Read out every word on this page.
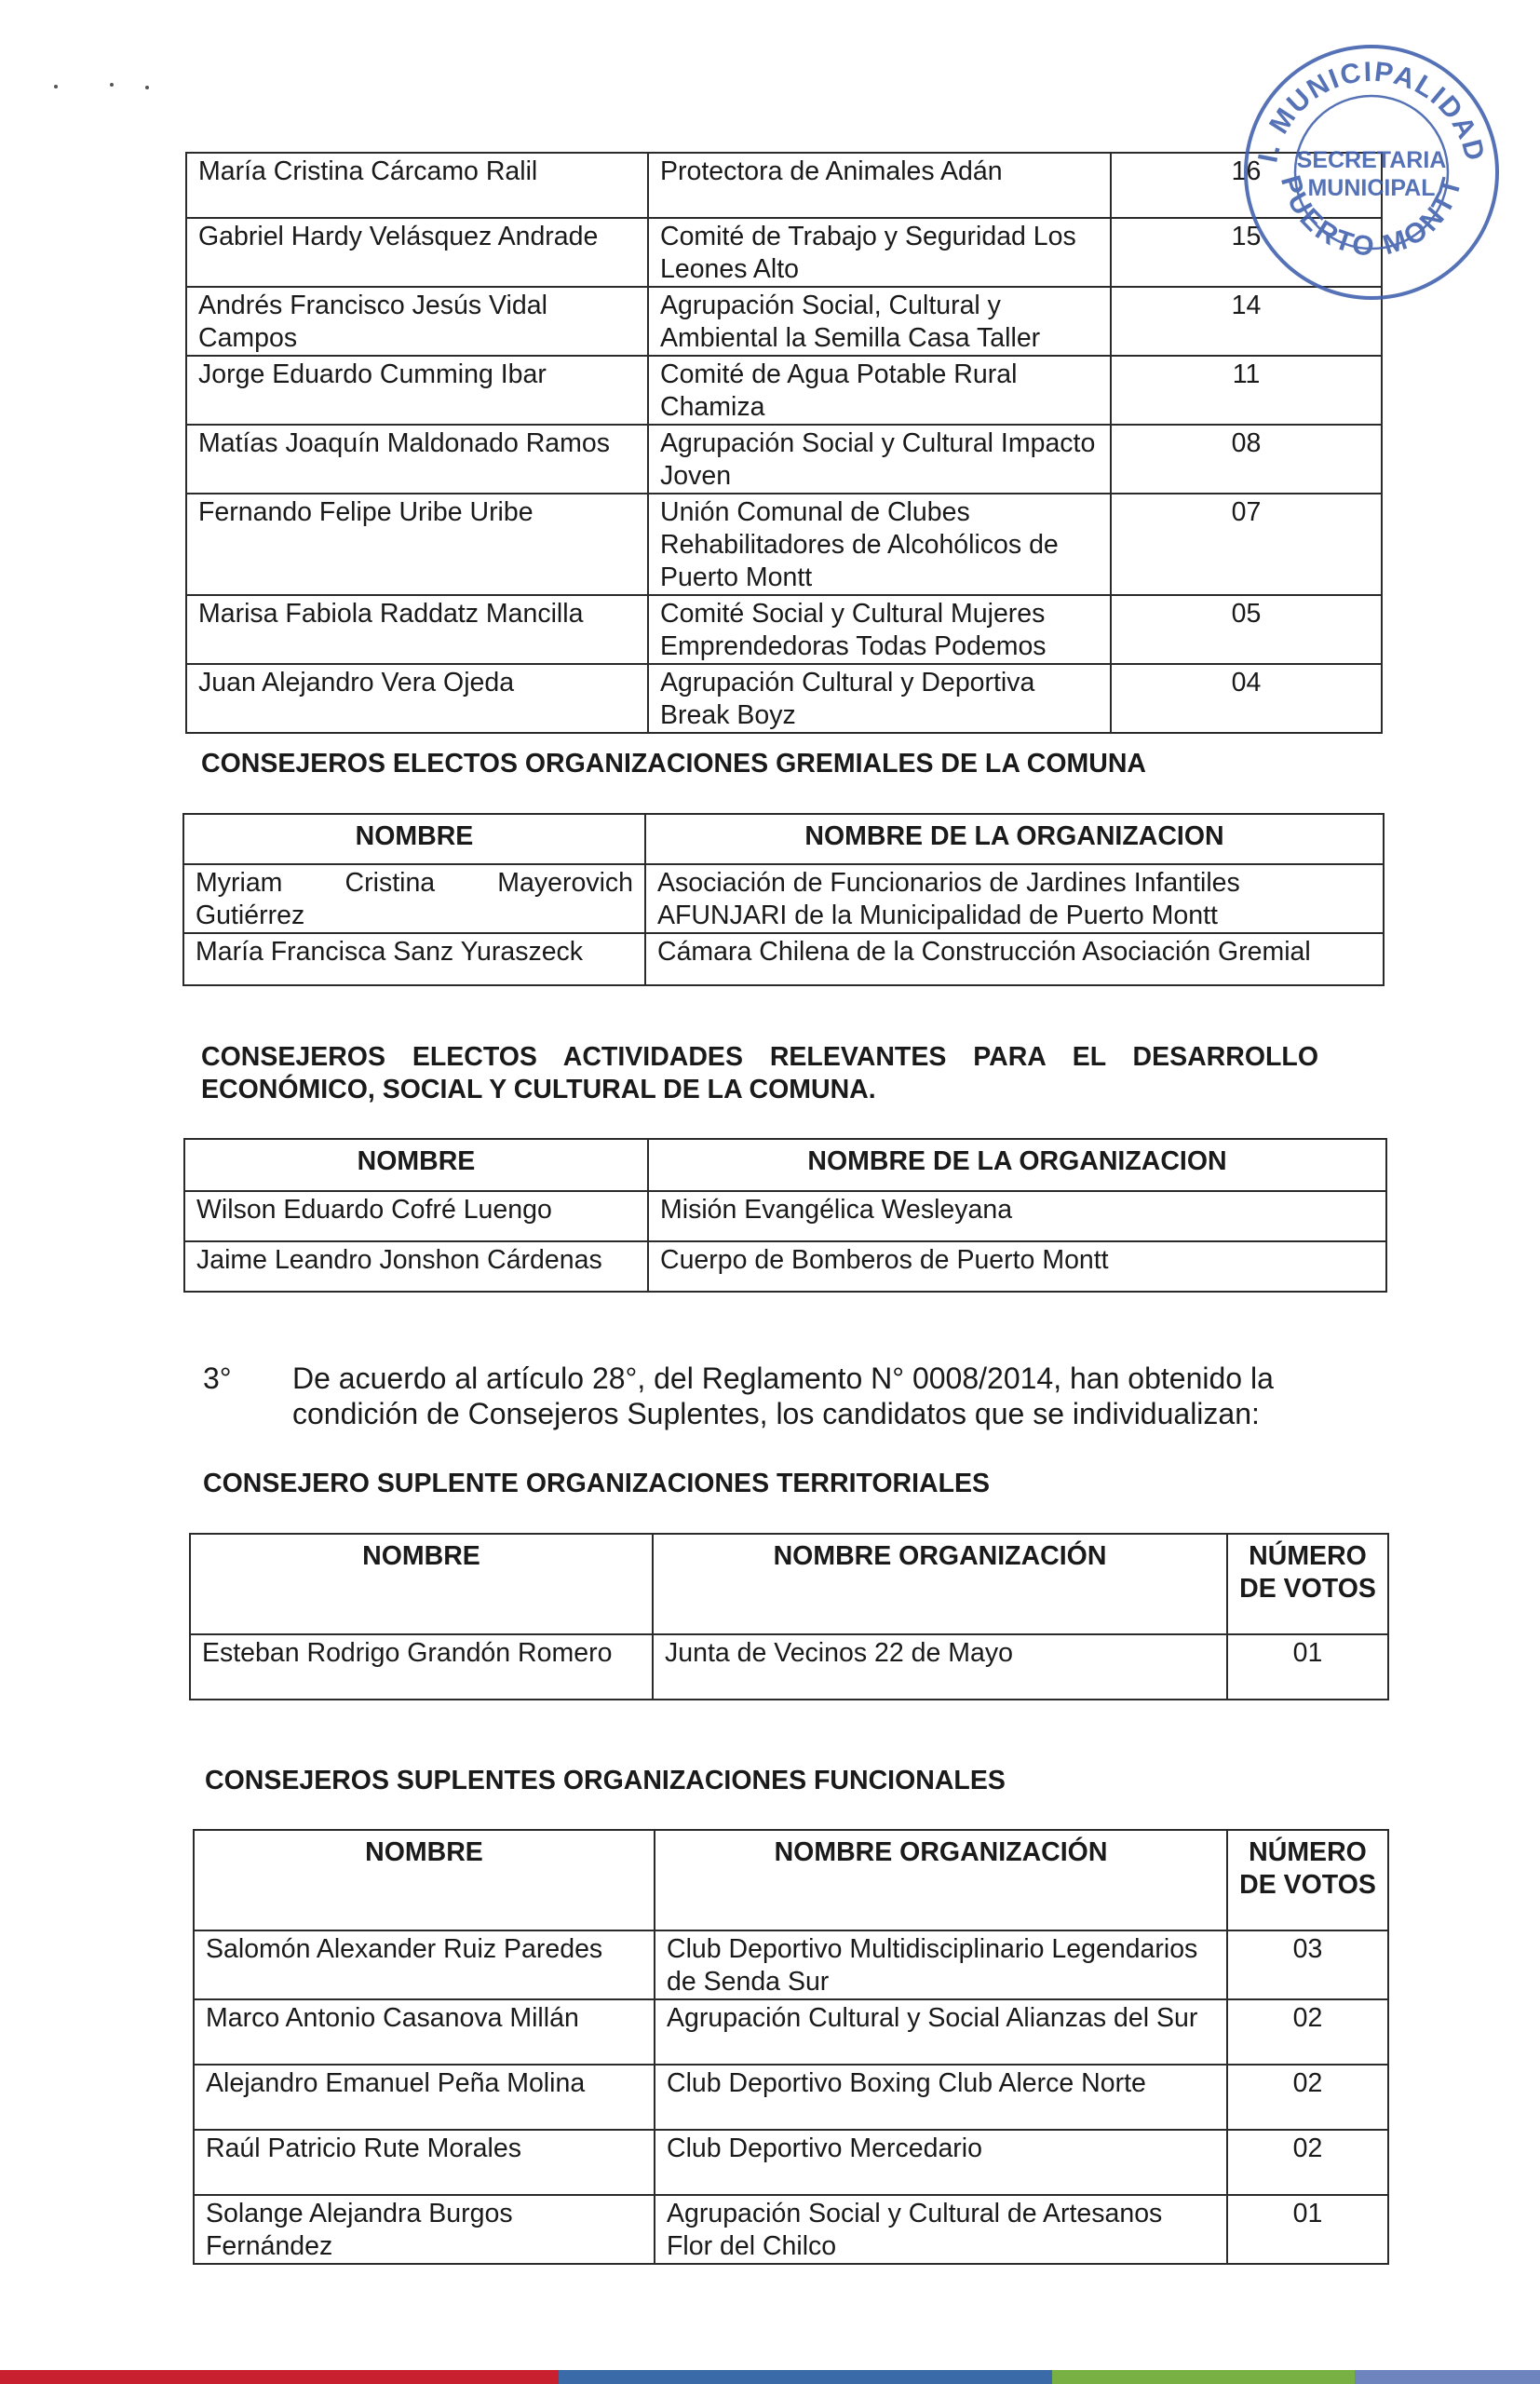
María Cristina Cárcamo Ralil	Protectora de Animales Adán	16
Gabriel Hardy Velásquez Andrade	Comité de Trabajo y Seguridad Los Leones Alto	15
Andrés Francisco Jesús Vidal Campos	Agrupación Social, Cultural y Ambiental la Semilla Casa Taller	14
Jorge Eduardo Cumming Ibar	Comité de Agua Potable Rural Chamiza	11
Matías Joaquín Maldonado Ramos	Agrupación Social y Cultural Impacto Joven	08
Fernando Felipe Uribe Uribe	Unión Comunal de Clubes Rehabilitadores de Alcohólicos de Puerto Montt	07
Marisa Fabiola Raddatz Mancilla	Comité Social y Cultural Mujeres Emprendedoras Todas Podemos	05
Juan Alejandro Vera Ojeda	Agrupación Cultural y Deportiva Break Boyz	04
CONSEJEROS ELECTOS ORGANIZACIONES GREMIALES DE LA COMUNA
NOMBRE	NOMBRE DE LA ORGANIZACION
Myriam Cristina Mayerovich Gutiérrez	Asociación de Funcionarios de Jardines Infantiles AFUNJARI de la Municipalidad de Puerto Montt
María Francisca Sanz Yuraszeck	Cámara Chilena de la Construcción Asociación Gremial
CONSEJEROS ELECTOS ACTIVIDADES RELEVANTES PARA EL DESARROLLO ECONÓMICO, SOCIAL Y CULTURAL DE LA COMUNA.
NOMBRE	NOMBRE DE LA ORGANIZACION
Wilson Eduardo Cofré Luengo	Misión Evangélica Wesleyana
Jaime Leandro Jonshon Cárdenas	Cuerpo de Bomberos de Puerto Montt
3° De acuerdo al artículo 28°, del Reglamento N° 0008/2014, han obtenido la condición de Consejeros Suplentes, los candidatos que se individualizan:
CONSEJERO SUPLENTE ORGANIZACIONES TERRITORIALES
NOMBRE	NOMBRE ORGANIZACIÓN	NÚMERO DE VOTOS
Esteban Rodrigo Grandón Romero	Junta de Vecinos 22 de Mayo	01
CONSEJEROS SUPLENTES ORGANIZACIONES FUNCIONALES
NOMBRE	NOMBRE ORGANIZACIÓN	NÚMERO DE VOTOS
Salomón Alexander Ruiz Paredes	Club Deportivo Multidisciplinario Legendarios de Senda Sur	03
Marco Antonio Casanova Millán	Agrupación Cultural y Social Alianzas del Sur	02
Alejandro Emanuel Peña Molina	Club Deportivo Boxing Club Alerce Norte	02
Raúl Patricio Rute Morales	Club Deportivo Mercedario	02
Solange Alejandra Burgos Fernández	Agrupación Social y Cultural de Artesanos Flor del Chilco	01
I. MUNICIPALIDAD
PUERTO MONTT
SECRETARIA
MUNICIPAL
